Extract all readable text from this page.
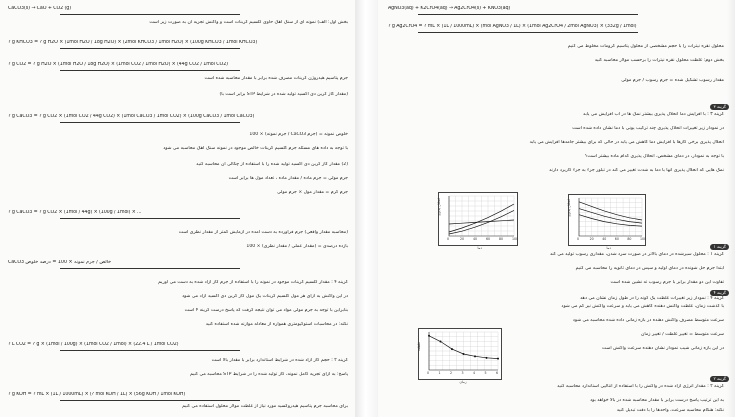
CaCO3(s) → CaO + CO2 (g)
بخش اول: الف) نمونه ای از سنگ آهک حاوی کلسیم کربنات است و واکنش تجزیه آن به صورت زیر است
? g KHCO3 = ? g H2O × (1mol H2O / 18g H2O) × (2mol KHCO3 / 1mol H2O) × (100g KHCO3 / 1mol KHCO3)
? g CO2 = ? g H2O × (1mol H2O / 18g H2O) × (1mol CO2 / 1mol H2O) × (44g CO2 / 1mol CO2)
جرم پتاسیم هیدروژن کربنات مصرف شده برابر با مقدار محاسبه شده است
(مقدار گاز کربن دی اکسید تولید شده در شرایط STP برابر است با)
? g CaCO3 = ? g CO2 × (1mol CO2 / 44g CO2) × (1mol CaCO3 / 1mol CO2) × (100g CaCO3 / 1mol CaCO3)
خلوص نمونه = (جرم CaCO3 / جرم نمونه) × 100
با توجه به داده های مسئله جرم کلسیم کربنات خالص موجود در نمونه سنگ آهک محاسبه می شود
(2) مقدار گاز کربن دی اکسید تولید شده را با استفاده از چگالی آن محاسبه کنید
جرم مولی = جرم ماده / مقدار ماده ، تعداد مول ها برابر است
جرم گرم = مقدار مول × جرم مولی
? g CaCO3 = ? g CO2 × (1mol / 44g) × (100g / 1mol) × ...
(محاسبه مقدار واقعی) جرم فراورده به دست آمده در آزمایش کمتر از مقدار نظری است
بازده درصدی = (مقدار عملی / مقدار نظری) × 100
CaCO3 خالص / جرم نمونه × 100 = درصد خلوص
گزینه ۴ : مقدار کلسیم کربنات موجود در نمونه را با استفاده از جرم گاز آزاد شده به دست می آوریم
در این واکنش به ازای هر مول کلسیم کربنات یک مول گاز کربن دی اکسید آزاد می شود
بنابراین با توجه به جرم مولی مواد می توان نتیجه گرفت که پاسخ درست گزینه ۴ است
نکته: در محاسبات استوکیومتری همواره از معادله موازنه شده استفاده کنید
? L CO2 = ? g × (1mol / 100g) × (1mol CO2 / 1mol) × (22.4 L / 1mol CO2)
گزینه ۲ : حجم گاز آزاد شده در شرایط استاندارد برابر با مقدار بالا است
پاسخ: به ازای تجزیه کامل نمونه، گاز تولید شده را در شرایط STP محاسبه می کنیم
? g KOH = ? mL × (1L / 1000mL) × (? mol KOH / 1L) × (56g KOH / 1mol KOH)
برای محاسبه جرم پتاسیم هیدروکسید مورد نیاز از غلظت مولار محلول استفاده می کنیم
0	20	40	60	80	100
دما
انحلال پذیری
0	20	40	60	80	100
دما
انحلال پذیری
0	1	2	3	4	5	6
زمان
غلظت
AgNO3(aq) + K2CrO4(aq) → Ag2CrO4(s) + KNO3(aq)
? g Ag2CrO4 = ? mL × (1L / 1000mL) × (mol AgNO3 / 1L) × (1mol Ag2CrO4 / 2mol AgNO3) × (332g / 1mol)
محلول نقره نیترات را با حجم مشخصی از محلول پتاسیم کرومات مخلوط می کنیم
بخش دوم: غلظت محلول نقره نیترات را برحسب مولار محاسبه کنید
مقدار رسوب تشکیل شده = جرم رسوب / جرم مولی
گزینه ۳ : با افزایش دما انحلال پذیری بیشتر نمک ها در آب افزایش می یابد
در نمودار زیر تغییرات انحلال پذیری چند ترکیب یونی با دما نشان داده شده است
انحلال پذیری برخی گازها با افزایش دما کاهش می یابد در حالی که برای بیشتر جامدها افزایش می یابد
با توجه به نمودار، در دمای مشخص، انحلال پذیری کدام ماده بیشتر است؟
نمک هایی که انحلال پذیری آنها با دما به شدت تغییر می کند در تبلور جزء به جزء کاربرد دارند
گزینه ۱ : محلول سیرشده در دمای بالاتر در صورت سرد شدن، مقداری رسوب تولید می کند
ابتدا جرم حل شونده در دمای اولیه و سپس در دمای ثانویه را محاسبه می کنیم
تفاوت این دو مقدار برابر با جرم رسوب ته نشین شده است
گزینه ۴ : نمودار زیر تغییرات غلظت یک گونه را در طول زمان نشان می دهد
با گذشت زمان، غلظت واکنش دهنده کاهش می یابد و سرعت واکنش نیز کم می شود
سرعت متوسط مصرف واکنش دهنده در بازه زمانی داده شده محاسبه می شود
سرعت متوسط = تغییر غلظت / تغییر زمان
در این بازه زمانی شیب نمودار نشان دهنده سرعت واکنش است
گزینه ۲ : مقدار انرژی آزاد شده در واکنش را با استفاده از آنتالپی استاندارد محاسبه کنید
به این ترتیب پاسخ درست برابر با مقدار محاسبه شده در بالا خواهد بود
نکته: هنگام محاسبه سرعت، واحدها را با دقت تبدیل کنید
گزینه ۳
گزینه ۱
گزینه ۴
گزینه ۲
